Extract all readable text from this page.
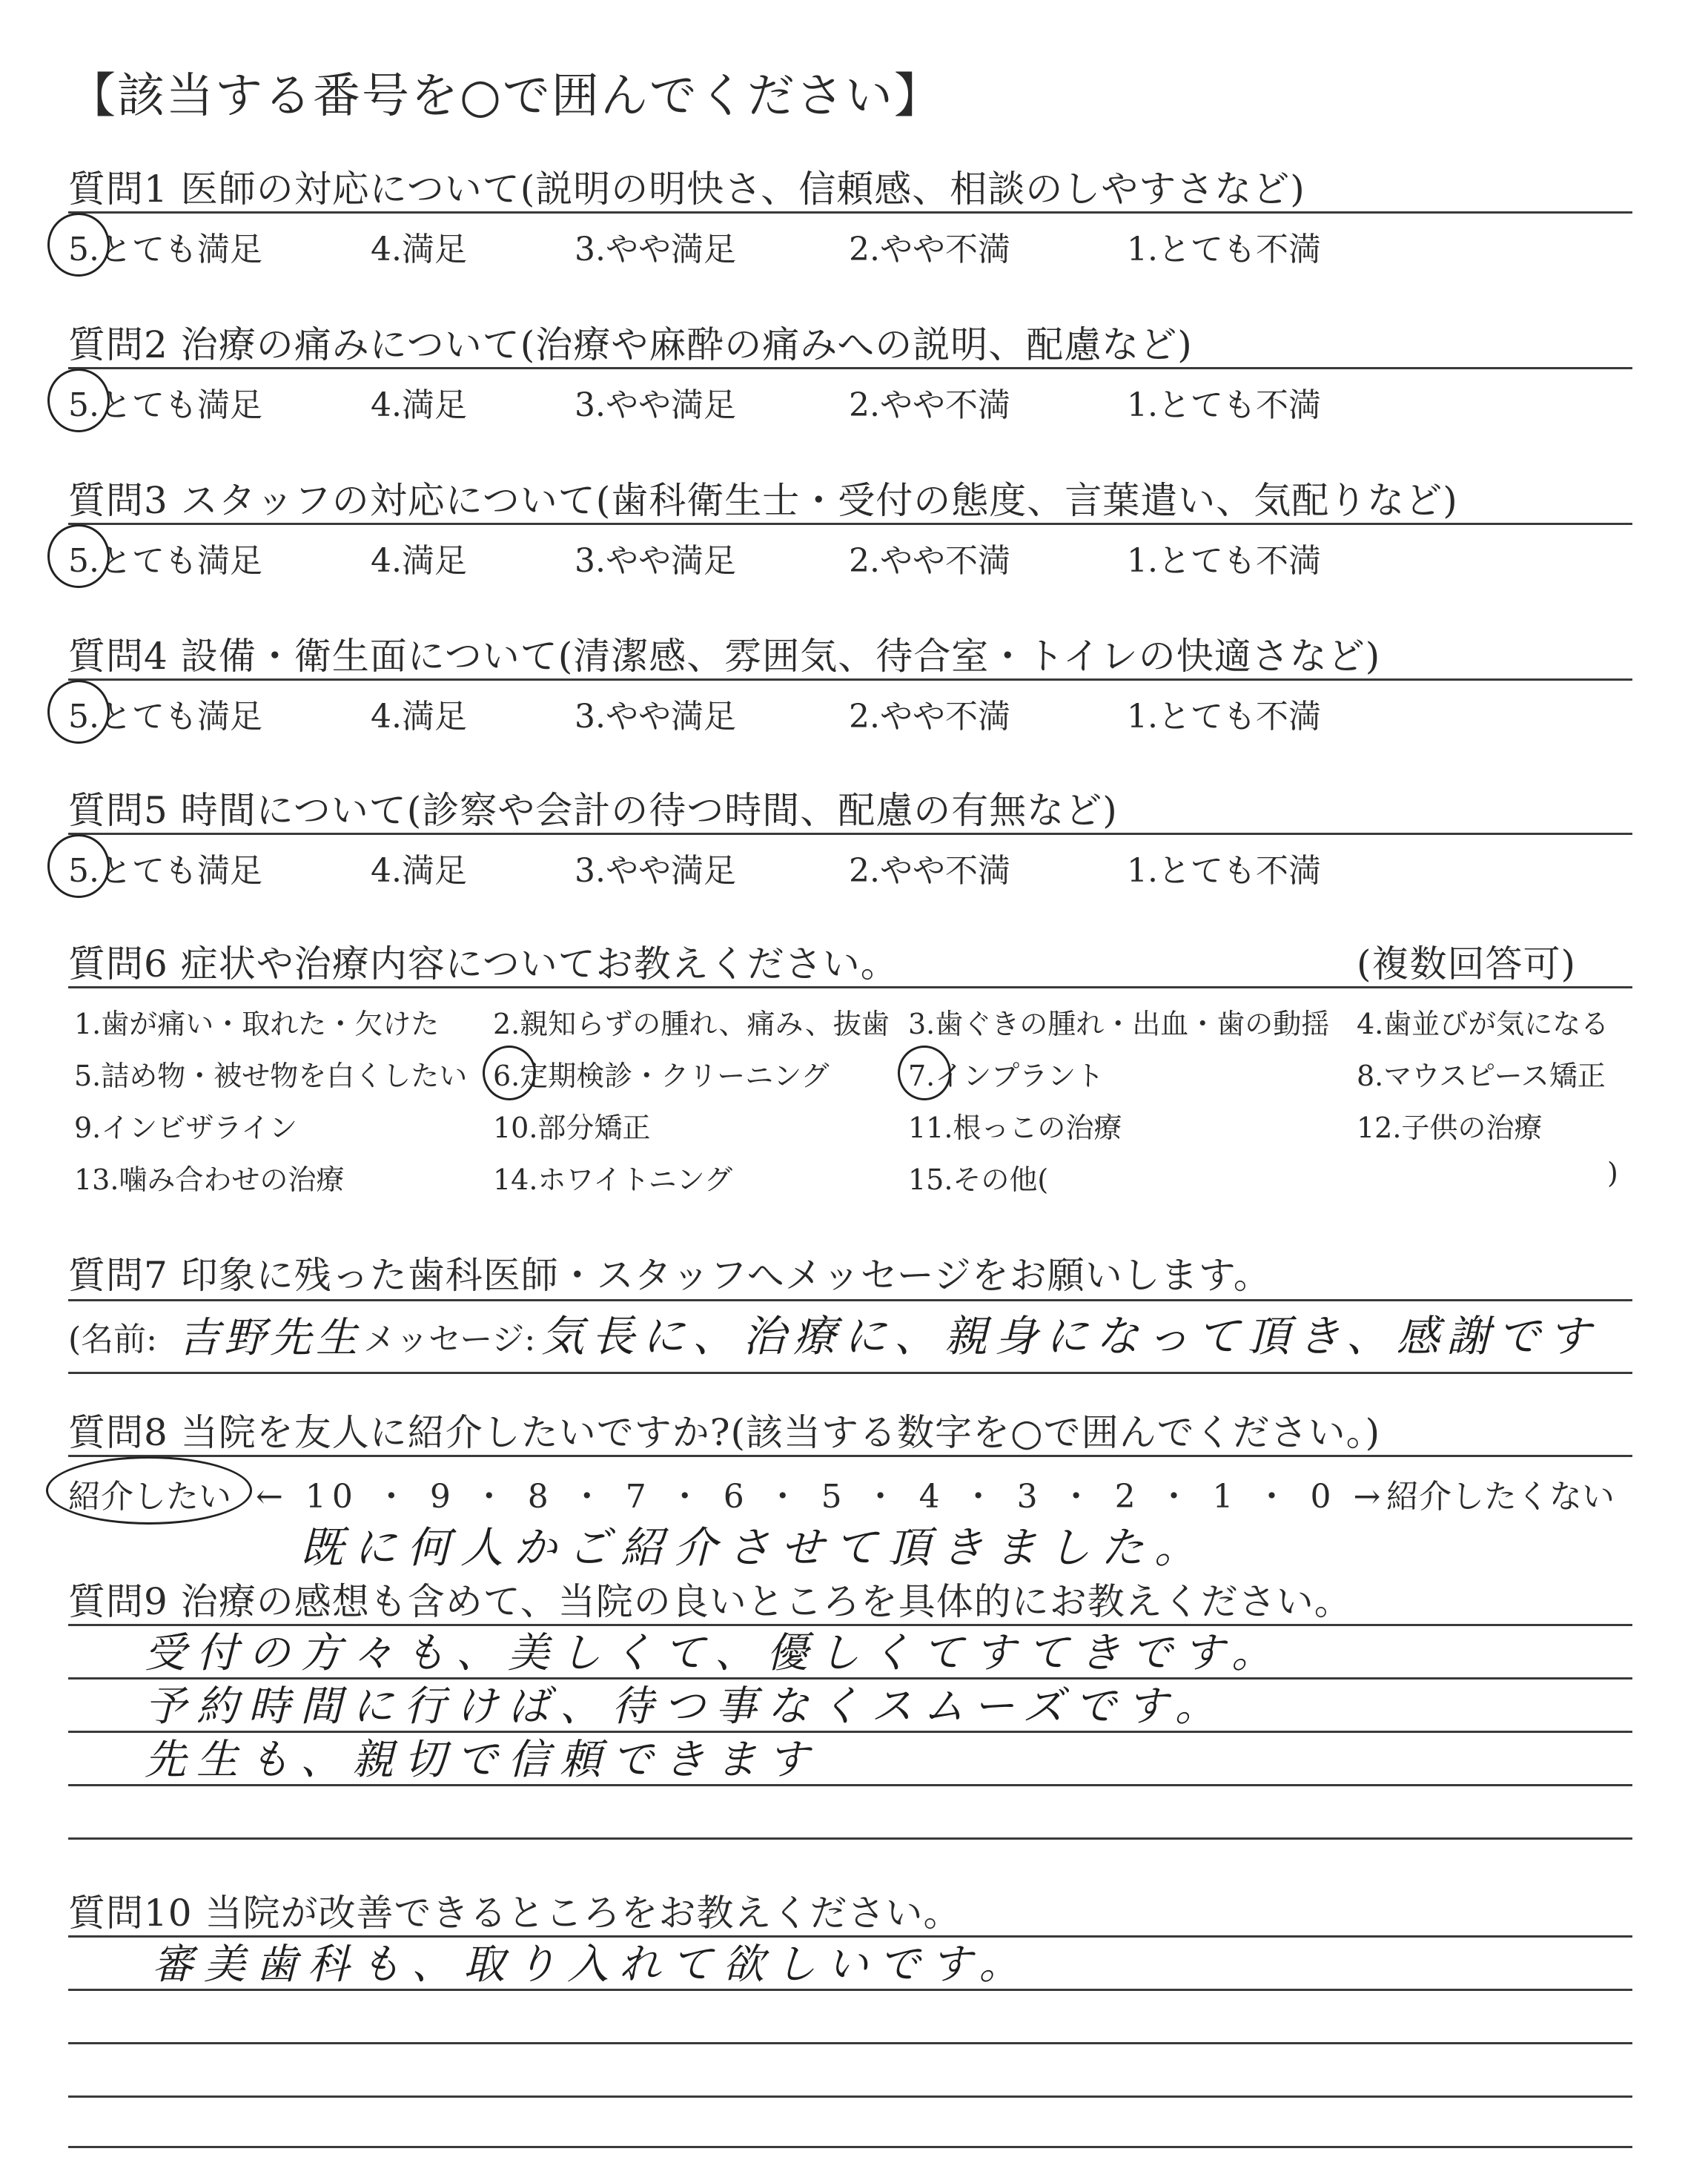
【該当する番号を○で囲んでください】
質問1 医師の対応について(説明の明快さ、信頼感、相談のしやすさなど)
5.とても満足	4.満足	3.やや満足	2.やや不満	1.とても不満
質問2 治療の痛みについて(治療や麻酔の痛みへの説明、配慮など)
5.とても満足	4.満足	3.やや満足	2.やや不満	1.とても不満
質問3 スタッフの対応について(歯科衛生士・受付の態度、言葉遣い、気配りなど)
5.とても満足	4.満足	3.やや満足	2.やや不満	1.とても不満
質問4 設備・衛生面について(清潔感、雰囲気、待合室・トイレの快適さなど)
5.とても満足	4.満足	3.やや満足	2.やや不満	1.とても不満
質問5 時間について(診察や会計の待つ時間、配慮の有無など)
5.とても満足	4.満足	3.やや満足	2.やや不満	1.とても不満
質問6 症状や治療内容についてお教えください。	(複数回答可)
1.歯が痛い・取れた・欠けた 2.親知らずの腫れ、痛み、抜歯 3.歯ぐきの腫れ・出血・歯の動揺 4.歯並びが気になる
5.詰め物・被せ物を白くしたい 6.定期検診・クリーニング	7.インプラント	8.マウスピース矯正
9.インビザライン	10.部分矯正	11.根っこの治療	12.子供の治療
13.噛み合わせの治療	14.ホワイトニング	15.その他(	)
質問7 印象に残った歯科医師・スタッフへメッセージをお願いします。
(名前: 吉野先生 メッセージ: 気長に、治療に、親身になって頂き、感謝です
質問8 当院を友人に紹介したいですか?(該当する数字を○で囲んでください。)
紹介したい ← 10 ・ 9 ・ 8 ・ 7 ・ 6 ・ 5 ・ 4 ・ 3 ・ 2 ・ 1 ・ 0 → 紹介したくない
既に何人かご紹介させて頂きました。
質問9 治療の感想も含めて、当院の良いところを具体的にお教えください。
受付の方々も、美しくて、優しくてすてきです。
予約時間に行けば、待つ事なくスムーズです。
先生も、親切で信頼できます
質問10 当院が改善できるところをお教えください。
審美歯科も、取り入れて欲しいです。
